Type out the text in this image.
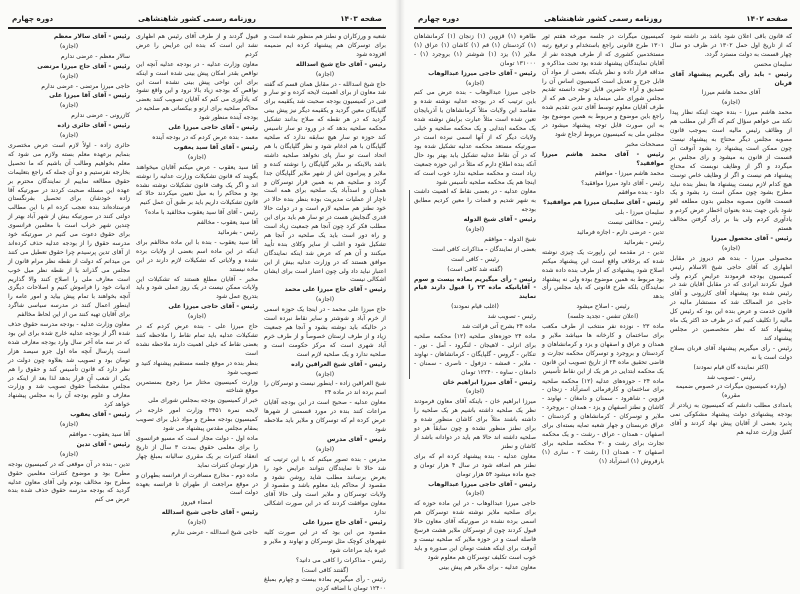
صفحه ۱۴۰۲
روزنامه رسمی کشور شاهنشاهی
دوره چهارم

که قانون باقی اعلان شود باشد بر داشته شود که از تاریخ اول حمل ۱۳۰۲ در ظرف دو سال چهار قسمت به دولت مسترد گردد.

سلیمان محسن

رئیس - باید رأی بگیریم پیشنهاد آقای قربان

آقای محمد هاشم میرزا

(اجازه)

محمد هاشم میرزا - بنده حهت اینکه نظار پیدا نکند می خواهم سؤال کنم که اگر این مطلب هم از وظائف رئیس مالیه است بموجب قانون مصوبه مجلس دیگر محتاج به پیشنهاد نیست چون ممکن است پیشنهاد رد بشود آنوقت آن قسمت از قانون به میشود و رای مجلس بر میگردد و اگر از وظایف نوبست که محتاج پیشنهاد هم نیست و اگر از وظایف خاص توست هیچ کدام لازم نیست پیشنهاد ها بنظر بنده نباید مطرح بشود چون ممکن است رد بشود و یک قسمت قانون مصوبه مجلس بدون مطلعه لغو شود باین جهت بنده بعنوان اخطار عرض کردم و یادآوری کردم ولی بنا بر رأی گرفتن مخالف هستم

رئیس - آقای محصول میرزا

(اجازه)

محصولی میرزا - بنده هم دیروز در مقابل اظهاری که آقای حاجی شیخ الاسلام رئیس کمیسیون بودجه فرمودند عرایض کردم ولی قبول نکردند ایرادی که در مقابل آقایان شد در رئیس شده بود پیشنهاد آقای کازرونی و آقای حاجی عز الممالک شد که مستشار مالیه در قانون خدمت و عرض بنده این بود که رئیس کل مالیه را تکلیف کنیم که در ظرف حد اکثر یک ماه پیشنهاد کند که نظر متخصصین در مجلس پیشنهاد کند

رئیس - رأی میگیریم پیشنهاد آقای قربان بصلاح دولت است یا نه

(اکثر نماینده گان قیام نمودند)

رئیس - تصویب شد

(وارده کمیسیون میگرات در خصوص ضمیمه مقرره)

بامدادی مطلب دانشم که کمیسیون به زیادتر از بودجه پیشنهادی دولت پیشنهاد مشکوکی نمی پذیرد بعضی از آقایان پیش نهاد کردند و آقای کفیل وزارت عدلیه هم

کمیسیون میگرات در جلسه مورخه هفتم ثور ۱۳۰۱ طرح قانونی راجع باستخدام و ترفیع رتبه مستخدمین کشوری که از طرف هیجده نفر از آقایان نمایندگان پیشنهاد شده بود تحت مذاکره و مداقه قرار داده و نظر باینکه بعضی از مواد آن قابل جرح و تعدیل است کمیسیون اساس آن را تصدیق و آراء حاضرین قابل توجه دانسته تقدیم مجلس شورای ملی مینماید و طرحی هم که از طرف آقایان معلوم توسط آقای تدین تقدیم شده راجع باین موضوع و مربوط به همین موضوع بود به این صورت قابل توجه پیشنهاد میشود در مجلس ملی به کمیسیون مربوط ارجاع شود

مصححات مخبر

رئیس - آقای محمد هاشم میرزا موافقید؟

محمد هاشم میرزا - موافقم

رئیس - آقای داود میرزا موافقید؟

داود - بنده موافقم

رئیس - آقای سلیمان میرزا هم موافقید؟

سلیمان میرزا - بلی

رئیس - مخالفی نیست

تدین - عرضی دارم - اجازه فرمائید

رئیس - بفرمائید

تدین - در مقدمه این راپورت یک چیزی نوشته شده که برخلاف واقع است این پیشنهاد میکنم اصلاح شود پیشنهادی که از طرف بنده داده شده بود مربوط به همین موضوع بوده ولی نه پیشنهاد نمایندگان بلکه طرح قانونی که باید مجلس رأی بدهد

رئیس - اصلاح میشود

(اعلان تنفس - تجدید جلسه)

ماده ۲۳ - نوزده نفر منتخب از طرف مکعب برای ساختمان و کارخانه ها میباشد ملایر و همدان و عراق و اصفهان و یزد و کرمانشاهان و کردستان و بروجرد و توسرکان محکمه تجارت و قاضی تحقیق ماده ۲۴ از تاریخ تصویب این قانون یک محکمه ابتدایی در هر یک از این نقاط تأسیس

ماده ۲۴ - حوزه‌های عدلیه (۱۲) محکمه صلحیه برای ساختمان و کارفرمائی استرآباد - زنجان - قزوین - شاهرود - سمنان و دامغان - نهاوند - کاشان و نطنز اصفهان و یزد - همدان - بروجرد - ملایر و توسرکان - کرمانشاهان و کردستان - عراق عربستان و جهار شعبه تمایه بسته‌ای برای اصفهان - همدان - عراق - رشت - و یک محکمه تجارت برای رشت و ۳۰ محکمه صلحیه برای اصفهان ۲ - همدان (۱) رشت ۲ - ساری (۱) بارفروش (۱) استرآباد (۱)

طاهره (۱) قزوین (۱) زنجان (۱) کرمانشاهان (۱) کردستان (۱) قم (۱) کاشان (۱) عراق (۱) ملایر (۱) یزد (۱) شوشتر (۱) بروجرد (۱) - ۱۳۱۰۰۰ تومان

رئیس - آقای حاجی میرزا عبدالوهاب

(اجازه)

حاجی میرزا عبدالوهاب - بنده عرض می کنم باین ترتیب که در بودجه عدلیه نوشته شده و مقاصد این ولایات مثلاً کرمانشاهان یا آذربایجان تعین شده است مثلاً عبارت برایش نوشته شده یک محکمه ابتدایی و یک محکمه صلحیه و خیلی ولایات دیگر که از آنها اسمی نبرده است در صورتیکه مستعد محکمه عدلیه تشکیل شده بود که در آن نقاط عدلیه تشکیل یابد بهتر بود حال آنکه بنده اطلاع دارم که مثلاً در این حوزه جمعیت زیاد است و محکمه صلحیه ندارد خوب است که اینجا هم یک محکمه صلحیه تأسیس شود

معاون عدلیه - در بعضی نقاط که اهمیت داشت به شهر شدیم و قضات را معین کردیم مطابق بودجه

رئیس - آقای شیخ الدوله

(اجازه)

شیخ الدوله - موافقم

بعضی از نمایندگان - مذاکرات کافی است

رئیس - کافی است

(گفته شد کافی است)

رئیس - رأی میگیریم بماده بیست و سوم - آقایانیکه ماده ۲۳ را قبول دارند قیام نمایند

(اغلب قیام نمودند)

رئیس - تصویب شد

ماده ۲۴ بشرح آتی قرائت شد

ماده ۲۴ حوزه‌های صلحیه (۱۲) محکمه صلحیه برای انزلی - لاهیجان - لنگرود - آمل - نور - تنکابن - گروس - گلپایگان - کرمانشاهان - نهاوند - ملایر - قمشه - دزفول - ناصری - سمنان - دامغان - ساوه - ۱۲۲۴۰ تومان

رئیس - آقای میرزا ابراهیم خان

(اجازه)

میرزا ابراهیم خان - باینکه آقای معاون فرمودند نظر یک صلحیه داشته باشیم هر یک صلحیه را داشته باشند مثلاً برای کاشان منظور شده و برای نطنز منظور نشده و چون سابقاً هر دو صلحیه داشته اند حالا هم باید در دوادانه باشد از کاشان و نطنز

معاون عدلیه - بنده پیشنهاد کرده ام که برای نطنز هم اضافه شود در سال ۴ هزار تومان و جمع ماده میشود ۵۴ هزار تومان

رئیس - آقای حاجی میرزا عبدالوهاب

(اجازه)

حاجی میرزا عبدالوهاب - در این ماده حوزه که برای صلحیه ملایر نوشته شده توسرکان هم اسمی برده نشده در صورتیکه آقای معاون حالا قبول کردند چون از توسرکان ملایر هشت فرسخ فاصله است و در حوزه ملایر که صلحیه نیست و آنوقت برای اینکه هشت تومان این صدوره و باید خوب است تکلیف توسرکان هم معلوم شود

معاون عدلیه - برای ملایر هم پیش بینی

صفحه ۱۴۰۳
روزنامه رسمی کشور شاهنشاهی
دوره چهارم

شعبه و ورزکاران و نطنز هم منظور شده است و برای توسرکان هم پیشنهاد کرده ایم ضمیمه افزوده شود

رئیس - آقای حاج شیخ اسدالله

(اجازه)

حاج شیخ اسدالله - در مقابل همان قسم که گفته شد معاون از برای اهمیت لایحه کرده و تو سار و قتی در کمیسیون بودجه صحبت شد یکقیمه برای گلپایگان معین گردید و یکقیمه دیگر نیز پیش بینی گردید که در هر نقطه که صلاح بدانند تشکیل محکمه صلحیه بدهد که در ورود تو سار تاسیس کند حوزه تو سار هیچ سابقه ندارد که صلحیه گلپایگان با هم ادغام شود و نظر گلپایگان با هم اتحاد است تو سار پای نخواهد صلحیه داشته باشد بالاینکه بر ملایر گلپایگان را نوشته کنده و ملایر و پیرامون اش از شهر ملایر گلپایگان جدا گردد و صلحیه هم به همین قرار توسرکان و همدان و اسدآباد یک صلحیه برای همه است ناچار از عملیات مدیریت بوده بنظر بنده حالا در خود نطنز هم صلحیه لازم است و در دولت حالا قدری گنجایش هست در تو سار هم باید برای این مطلب فکر کرد چون آنجا هم جمعیت زیاد است و راه دور است باید یک صلحیه در آنجا هم تشکیل شود و اغلب از سایر وکلای بنده تأیید میکنند و آن هم که عرض شد اینکه نمایندگان موافق هستند که در وزارت عدلیه بیش از این اعتبار نباید داد ولی چون اعتبار است برای ایشان اشکالی نیست

رئیس - آقای حاج میرزا علی محمد

(اجازه)

حاج میرزا علی محمد - در اینجا یک حوزه اسمی از خرم آباد و شوشتر و سایر نقاط نبرده است در حالیکه باید نوشته بشود و آنجا هم جمعیت زیاد و از طرف ارستان خصوصاً و از طرف خرم آباد شهری است که مرکز حکومت است و صلحیه ندارد و یک صلحیه لازم است

رئیس - آقای شیخ العراقین زاده

(اجازه)

شیخ العراقین زاده - اینطور نیست و توسرکان را اسم برده اند در ماده ۲۴

معاون عدلیه - صحیح است در این بودجه آقایان مراعات کنند بنده در مورد قسمتی از شهرها عرض کرده ام که توسرکان و ملایر باید ملاحظه شود

رئیس - آقای مدرس

(اجازه)

مدرس - بنده تصور میکنم که با این ترتیب که شد حالا تا نمایندگان نتوانند عرایض خود را بعرض برسانند مطلب شاید روشن نشود و مقصود از محاکم باید معلوم باشد و مقصود از ولایات توسرکان و ملایر است ولی حالا آقای معاون موافقت کردند که در این صورت اشکالی ندارد

رئیس - آقای حاج میرزا علی

مقصود من این بود که در این صورت کلیه شهرهای کوچک مثل توسرکان و نهاوند و ملایر و غیره باید مراعات شود

رئیس - مذاکرات را کافی می دانید؟

(گفتند کافی است)

رئیس - رأی میگیریم بماده بیست و چهارم بمبلغ ۱۲۴۰۰ تومان با اضافه کردن

قبول گردند و از طرف آقای رئیس هم اظهاری نشد این است که بنده این عرایض را عرض کردم

معاون وزارت عدلیه - در بودجه عدلیه آنچه این نواقص بقدر امکان پیش بینی شده است و اینکه برای این نواحی پیش بینی نشده است این نواقص که بودجه زیاد بالا نرود و این واقع نشود که یادآوری می کنم که آقایان تصویب کنند بعضی محاکم صلحیه برای ارتو و بیکسانی هم صلحیه در بودجه آینده منظور شود

رئیس - آقای حاجی میرزا علی

معمد - بنده عرض کردم که در بودجه آینده

رئیس - آقای آقا سید یعقوب

(اجازه)

آقا سید یعقوب - عرض میکنم آقایان میخواهند بگویند که قانون تشکیلات وزارت عدلیه را نوشته اند و اگر یک وقت قانون تشکیلات نوشته نشده بود و محاکم را به میل تعیین میکردند حالا که قانون تشکیلات داریم باید بر طبق آن عمل کنیم

رئیس - آقای آقا سید یعقوب مخالفید با ماده؟

آقا سید یعقوب - مخالفم

رئیس - بفرمائید

آقا سید یعقوب - بنده با این ماده مخالفم برای اینکه در این ماده اسم بعضی از ولایات برده نشده و ولایاتی که تشکیلات لازم دارند در این ماده نیستند

مخبر - آقایان مطلع هستند که تشکیلات این ولایات ممکن نیست در یک روز عملی شود و باید بتدریج عمل شود

رئیس - آقای حاجی میرزا علی

(اجازه)

حاج میرزا علی - بنده عرض کردم که در تشکیلات عدلیه باید تمام نقاط را ملاحظه کنند بعضی نقاط که خیلی اهمیت دارند ملاحظه نشده است

بنظر بنده در موقع جلسه مستقیم پیشنهاد کنید و تصویب شود

وزارت کمیسیون مختار مرا رجوع بمستمرین موقع شناخته

خبر از کمیسیون بودجه بمجلس شورای ملی

لایحه نمره ۳۴۵۱ وزارت امور خارجه در کمیسیون بودجه مطرح و مواد ذیل برای تصویب بمقام مجلس مقدس پیشنهاد می شود

ماده اول - دولت مجاز است که مسیو فرانسوی را برای معلمی حقوق بمدت ۳ سال از تاریخ انعقاد کنترات بر یک مقرری سالیانه بمبلغ چهار هزار تومان کنترات نماید

ماده دوم - مخارج مسافرت از فرانسه بطهران و در موقع مراجعت از طهران تا فرانسه بعهده دولت است

امضاء فیروز

رئیس - آقای حاجی شیخ اسدالله

(اجازه)

حاجی شیخ اسدالله - عرضی ندارم

رئیس - آقای سالار معظم

(اجازه)

سالار معظم - عرضی ندارم

رئیس - آقای حاج میرزا مرتضی

(اجازه)

حاجی میرزا مرتضی - عرضی ندارم

رئیس - آقای آقا میرزا علی

(اجازه)

کازرونی - عرضی ندارم

رئیس - آقای حائری زاده

(اجازه)

حائری زاده - اولاً لازم است عرض مختصری بنمایم برعهده معلم بسته ولازم می شود که معلم بخواهیم وطالب آن باشیم که ما تحصیل بخارجه نفرستیم و دو آن جمله که راجع بتعلیمات حقوق مطالعه نماییم از نمایندگان محترم بر عهده این مسئله صحبت کردند در صورتیکه آقا زاده خودشان برای تحصیل بفرنگستان فرستاده‌اند بنده تعجب کرده ام با این مطالب دولتی کنند در صورتیکه بیش از شهر آباد بهتر از چندین شهر خراب است با معلمین فرانسوی برای حقوق دعوت می کنیم در صورتیکه خود مدرسه حقوق را از بودجه عدلیه حذف کرده‌اند از آقای تدین پرسیدم چرا حقوق تعطیل می کنند من میدانم که دولت از نقطه نظر مرام قانون از مجلس می گذراند یا از نقطه نظر میل خوب است معارف ملی را اصلاح کنند والا گذاریم ادبیات خود را فراموش کنیم و اصلاحات دیگری آنچه بخواهند با تمام پیش بیاید و امور عامه را اینطور اعمال کنند در مدرسه سیاسی شاگرد برای آقایان تهیه کنند من از این لحاظ مخالفم

معاون وزارت عدلیه - بودجه مدرسه حقوق حذف شده اگر از بودجه عدلیه خارج شده برای این بود که در سه ماه آخر سال وارد بودجه معارف شده است پارسال آنچه ماه اول جزو سیصد هزار تومان بود و تصویب شد بعلاوه چون دولت در نظر دارد که قانون تأسیس کند و حقوق را هم یکی از شعب آن قرار بدهد لذا بعد از اینکه در مجلس مشخصاً حقوق تصویب شد و وزارت معارف و علوم بودجه آن را به مجلس پیشنهاد خواهد کرد

رئیس - آقای یعقوب

(اجازه)

آقا سید یعقوب - موافقم

رئیس - آقای تدین

(اجازه)

تدین - بنده در آن موقعی که در کمیسیون بودجه مطرح بود و موضوع کنترات معلمین حقوق مطرح بود مخالف بودم ولی آقای معاون عدلیه گردید که بودجه مدرسه حقوق حذف شده بنده عرض می کنم
